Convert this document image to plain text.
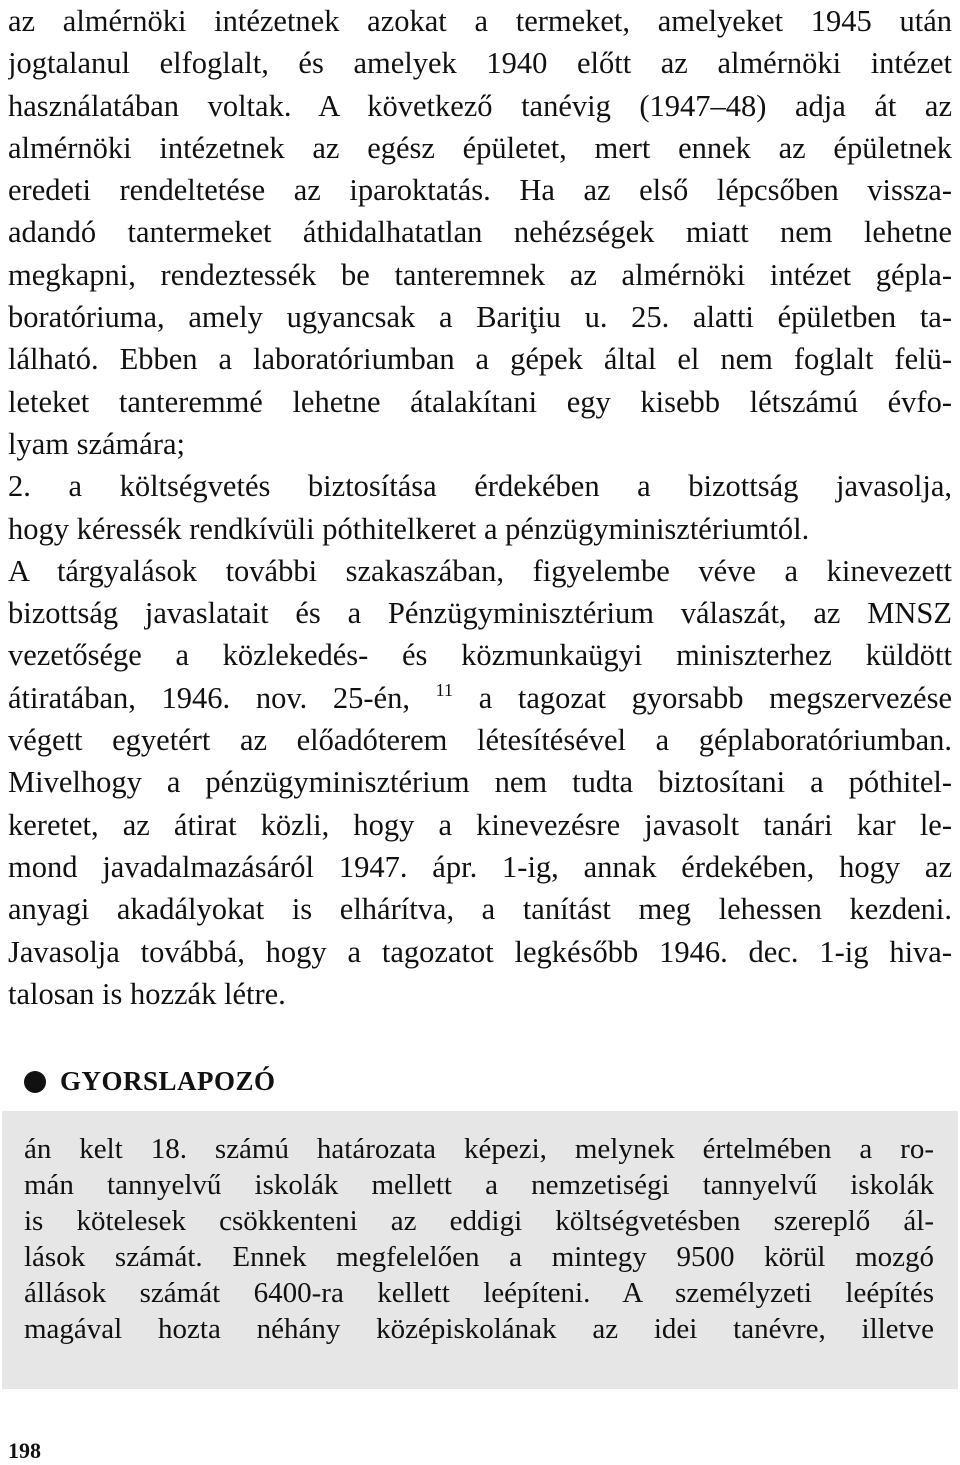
az almérnöki intézetnek azokat a termeket, amelyeket 1945 után
jogtalanul elfoglalt, és amelyek 1940 előtt az almérnöki intézet
használatában voltak. A következő tanévig (1947–48) adja át az
almérnöki intézetnek az egész épületet, mert ennek az épületnek
eredeti rendeltetése az iparoktatás. Ha az első lépcsőben vissza-
adandó tantermeket áthidalhatatlan nehézségek miatt nem lehetne
megkapni, rendeztessék be tanteremnek az almérnöki intézet gépla-
boratóriuma, amely ugyancsak a Bariţiu u. 25. alatti épületben ta-
lálható. Ebben a laboratóriumban a gépek által el nem foglalt felü-
leteket tanteremmé lehetne átalakítani egy kisebb létszámú évfo-
lyam számára;
2. a költségvetés biztosítása érdekében a bizottság javasolja,
hogy kéressék rendkívüli póthitelkeret a pénzügyminisztériumtól.
A tárgyalások további szakaszában, figyelembe véve a kinevezett
bizottság javaslatait és a Pénzügyminisztérium válaszát, az MNSZ
vezetősége a közlekedés- és közmunkaügyi miniszterhez küldött
átiratában, 1946. nov. 25-én, $^{11}$ a tagozat gyorsabb megszervezése
végett egyetért az előadóterem létesítésével a géplaboratóriumban.
Mivelhogy a pénzügyminisztérium nem tudta biztosítani a póthitel-
keretet, az átirat közli, hogy a kinevezésre javasolt tanári kar le-
mond javadalmazásáról 1947. ápr. 1-ig, annak érdekében, hogy az
anyagi akadályokat is elhárítva, a tanítást meg lehessen kezdeni.
Javasolja továbbá, hogy a tagozatot legkésőbb 1946. dec. 1-ig hiva-
talosan is hozzák létre.
GYORSLAPOZÓ
án kelt 18. számú határozata képezi, melynek értelmében a ro-
mán tannyelvű iskolák mellett a nemzetiségi tannyelvű iskolák
is kötelesek csökkenteni az eddigi költségvetésben szereplő ál-
lások számát. Ennek megfelelően a mintegy 9500 körül mozgó
állások számát 6400-ra kellett leépíteni. A személyzeti leépítés
magával hozta néhány középiskolának az idei tanévre, illetve
198
